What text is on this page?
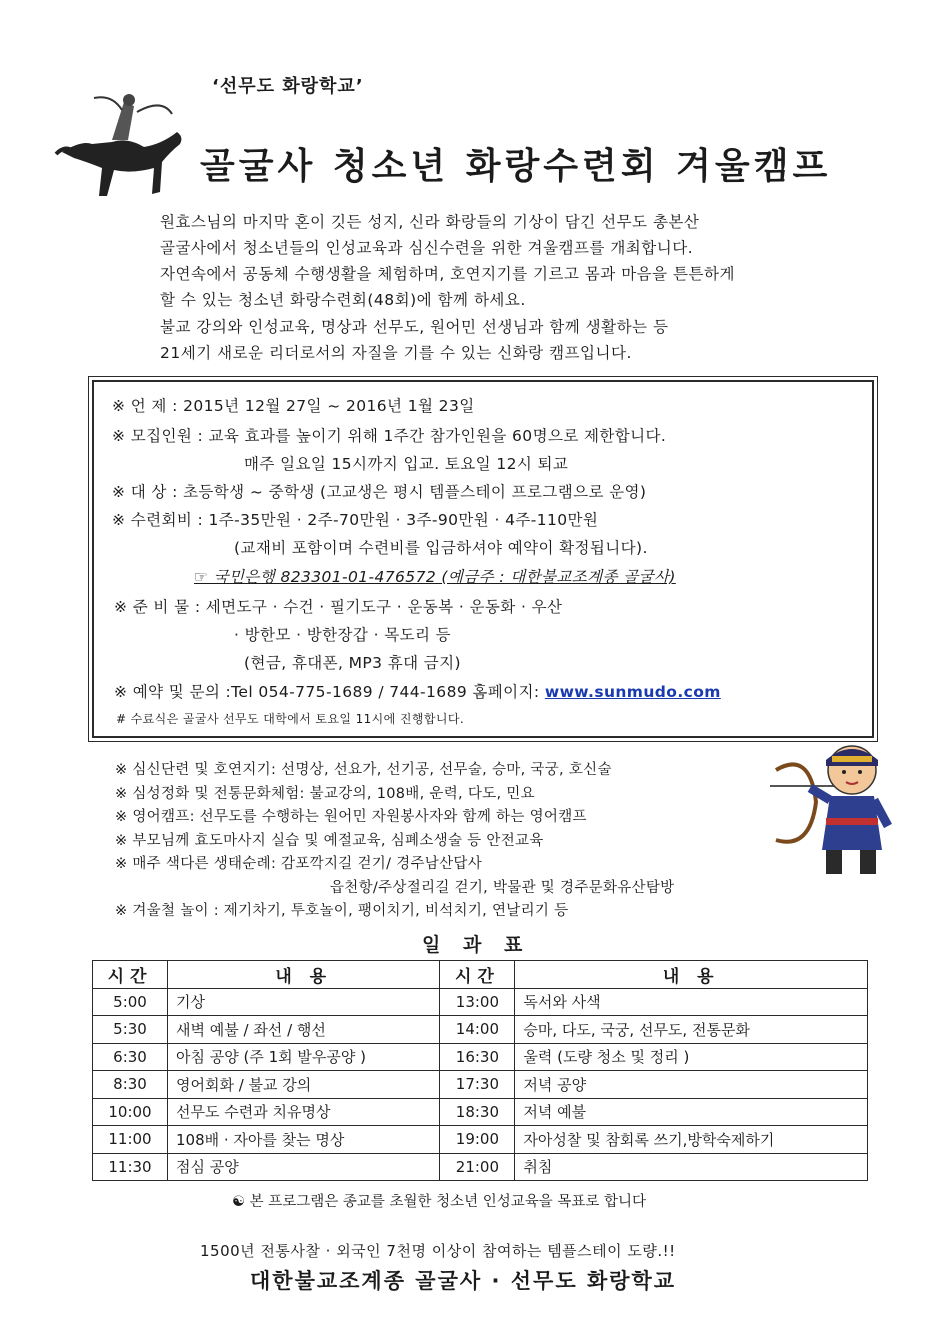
‘선무도 화랑학교’
골굴사 청소년 화랑수련회 겨울캠프
원효스님의 마지막 혼이 깃든 성지, 신라 화랑들의 기상이 담긴 선무도 총본산
골굴사에서 청소년들의 인성교육과 심신수련을 위한 겨울캠프를 개최합니다.
자연속에서 공동체 수행생활을 체험하며, 호연지기를 기르고 몸과 마음을 튼튼하게
할 수 있는 청소년 화랑수련회(48회)에 함께 하세요.
불교 강의와 인성교육, 명상과 선무도, 원어민 선생님과 함께 생활하는 등
21세기 새로운 리더로서의 자질을 기를 수 있는 신화랑 캠프입니다.
※ 언 제 : 2015년 12월 27일 ~ 2016년 1월 23일
※ 모집인원 : 교육 효과를 높이기 위해 1주간 참가인원을 60명으로 제한합니다.
매주 일요일 15시까지 입교. 토요일 12시 퇴교
※ 대 상 : 초등학생 ~ 중학생 (고교생은 평시 템플스테이 프로그램으로 운영)
※ 수련회비 : 1주-35만원 · 2주-70만원 · 3주-90만원 · 4주-110만원
(교재비 포함이며 수련비를 입금하셔야 예약이 확정됩니다).
☞ 국민은행 823301-01-476572 (예금주 : 대한불교조계종 골굴사)
※ 준 비 물 : 세면도구 · 수건 · 필기도구 · 운동복 · 운동화 · 우산
· 방한모 · 방한장갑 · 목도리 등
(현금, 휴대폰, MP3 휴대 금지)
※ 예약 및 문의 :Tel 054-775-1689 / 744-1689 홈페이지: www.sunmudo.com
# 수료식은 골굴사 선무도 대학에서 토요일 11시에 진행합니다.
※ 심신단련 및 호연지기: 선명상, 선요가, 선기공, 선무술, 승마, 국궁, 호신술
※ 심성정화 및 전통문화체험: 불교강의, 108배, 운력, 다도, 민요
※ 영어캠프: 선무도를 수행하는 원어민 자원봉사자와 함께 하는 영어캠프
※ 부모님께 효도마사지 실습 및 예절교육, 심폐소생술 등 안전교육
※ 매주 색다른 생태순례: 감포깍지길 걷기/ 경주남산답사
읍천항/주상절리길 걷기, 박물관 및 경주문화유산탐방
※ 겨울철 놀이 : 제기차기, 투호놀이, 팽이치기, 비석치기, 연날리기 등
일 과 표
시간	내 용	시간	내 용
5:00	기상	13:00	독서와 사색
5:30	새벽 예불 / 좌선 / 행선	14:00	승마, 다도, 국궁, 선무도, 전통문화
6:30	아침 공양 (주 1회 발우공양 )	16:30	울력 (도량 청소 및 정리 )
8:30	영어회화 / 불교 강의	17:30	저녁 공양
10:00	선무도 수련과 치유명상	18:30	저녁 예불
11:00	108배 · 자아를 찾는 명상	19:00	자아성찰 및 참회록 쓰기,방학숙제하기
11:30	점심 공양	21:00	취침
☯ 본 프로그램은 종교를 초월한 청소년 인성교육을 목표로 합니다
1500년 전통사찰 · 외국인 7천명 이상이 참여하는 템플스테이 도량.!!
대한불교조계종 골굴사 · 선무도 화랑학교
